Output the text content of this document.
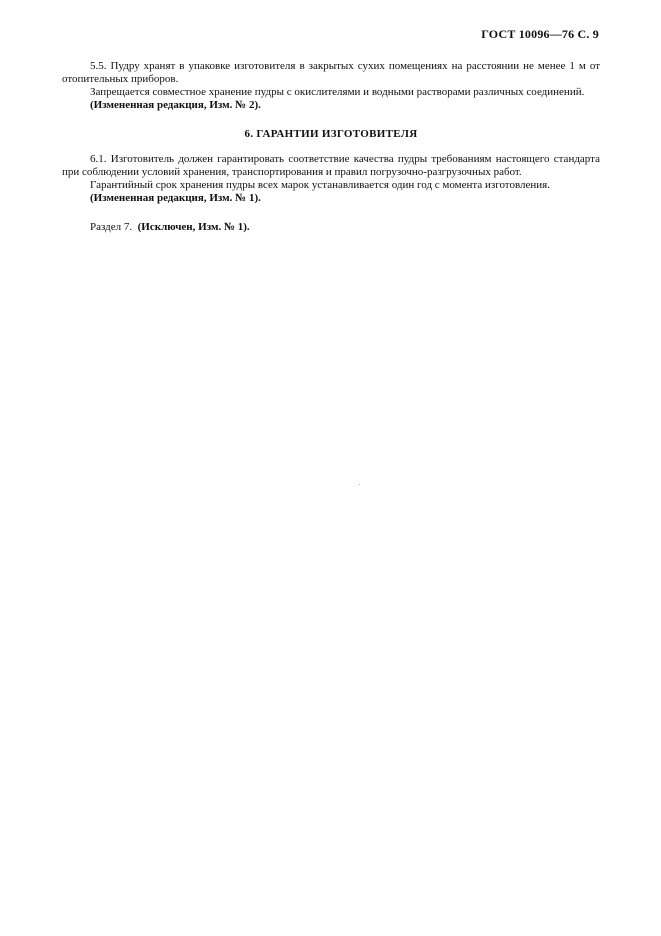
ГОСТ 10096—76 С. 9

5.5. Пудру хранят в упаковке изготовителя в закрытых сухих помещениях на расстоянии не менее 1 м от отопительных приборов.

Запрещается совместное хранение пудры с окислителями и водными растворами различных соединений.

(Измененная редакция, Изм. № 2).

6. ГАРАНТИИ ИЗГОТОВИТЕЛЯ

6.1. Изготовитель должен гарантировать соответствие качества пудры требованиям настоящего стандарта при соблюдении условий хранения, транспортирования и правил погрузочно-разгрузочных работ.

Гарантийный срок хранения пудры всех марок устанавливается один год с момента изготовления.

(Измененная редакция, Изм. № 1).

Раздел 7. (Исключен, Изм. № 1).
